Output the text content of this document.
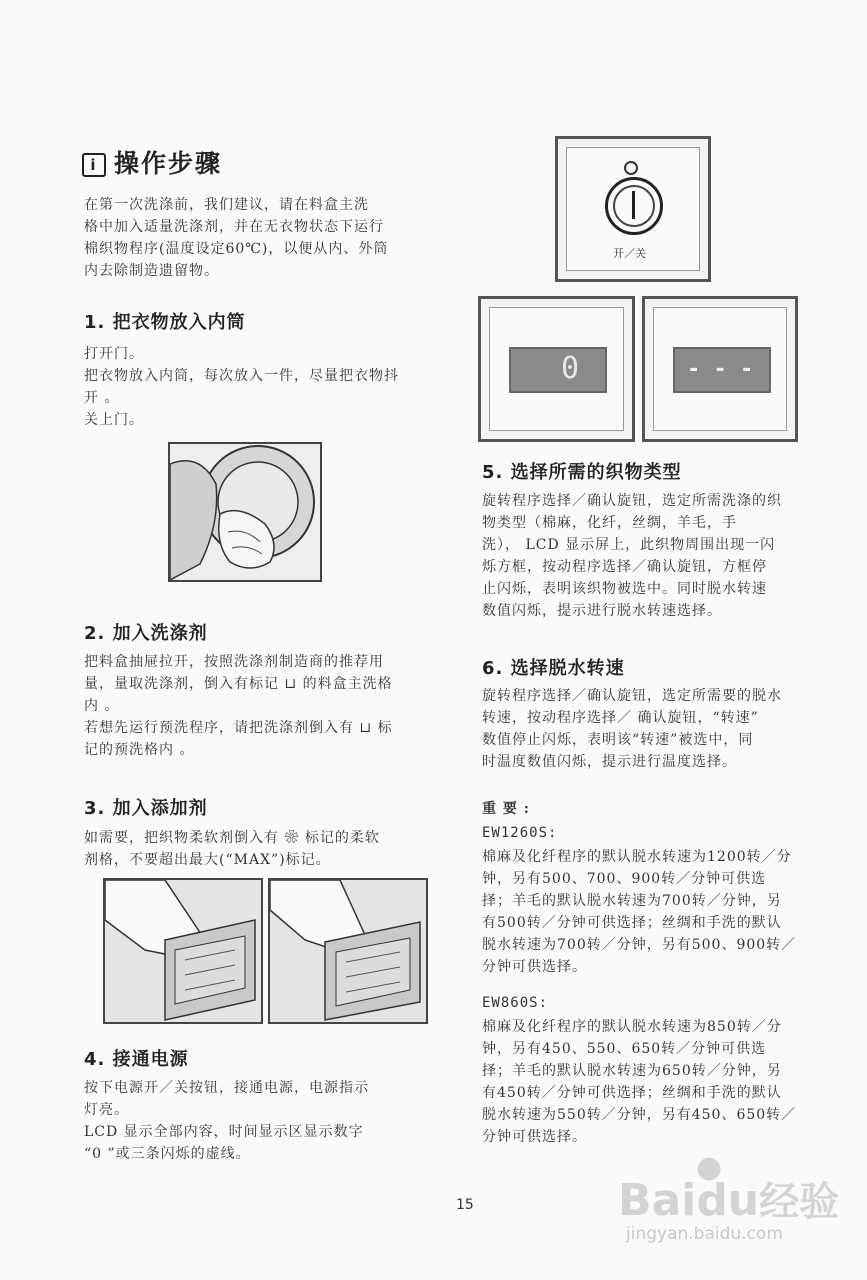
i 操作步骤
在第一次洗涤前，我们建议，请在料盒主洗
格中加入适量洗涤剂，并在无衣物状态下运行
棉织物程序(温度设定60℃)，以便从内、外筒
内去除制造遗留物。
1. 把衣物放入内筒
打开门。
把衣物放入内筒，每次放入一件，尽量把衣物抖
开 。
关上门。
2. 加入洗涤剂
把料盒抽屉拉开，按照洗涤剂制造商的推荐用
量，量取洗涤剂，倒入有标记 ⊔ 的料盒主洗格
内 。
若想先运行预洗程序，请把洗涤剂倒入有 ⊔ 标
记的预洗格内 。
3. 加入添加剂
如需要，把织物柔软剂倒入有 ❀ 标记的柔软
剂格，不要超出最大(“MAX”)标记。
4. 接通电源
按下电源开／关按钮，接通电源，电源指示
灯亮。
LCD 显示全部内容，时间显示区显示数字
“0 ”或三条闪烁的虚线。
开／关
0	- - -
5. 选择所需的织物类型
旋转程序选择／确认旋钮，选定所需洗涤的织
物类型（棉麻，化纤，丝绸，羊毛，手
洗）， LCD 显示屏上，此织物周围出现一闪
烁方框，按动程序选择／确认旋钮，方框停
止闪烁，表明该织物被选中。同时脱水转速
数值闪烁，提示进行脱水转速选择。
6. 选择脱水转速
旋转程序选择／确认旋钮，选定所需要的脱水
转速，按动程序选择／ 确认旋钮，“转速”
数值停止闪烁，表明该“转速”被选中，同
时温度数值闪烁，提示进行温度选择。
重 要 :
EW1260S:
棉麻及化纤程序的默认脱水转速为1200转／分
钟，另有500、700、900转／分钟可供选
择；羊毛的默认脱水转速为700转／分钟，另
有500转／分钟可供选择；丝绸和手洗的默认
脱水转速为700转／分钟，另有500、900转／
分钟可供选择。
EW860S:
棉麻及化纤程序的默认脱水转速为850转／分
钟，另有450、550、650转／分钟可供选
择；羊毛的默认脱水转速为650转／分钟，另
有450转／分钟可供选择；丝绸和手洗的默认
脱水转速为550转／分钟，另有450、650转／
分钟可供选择。
15
●
Baidu经验
jingyan.baidu.com
